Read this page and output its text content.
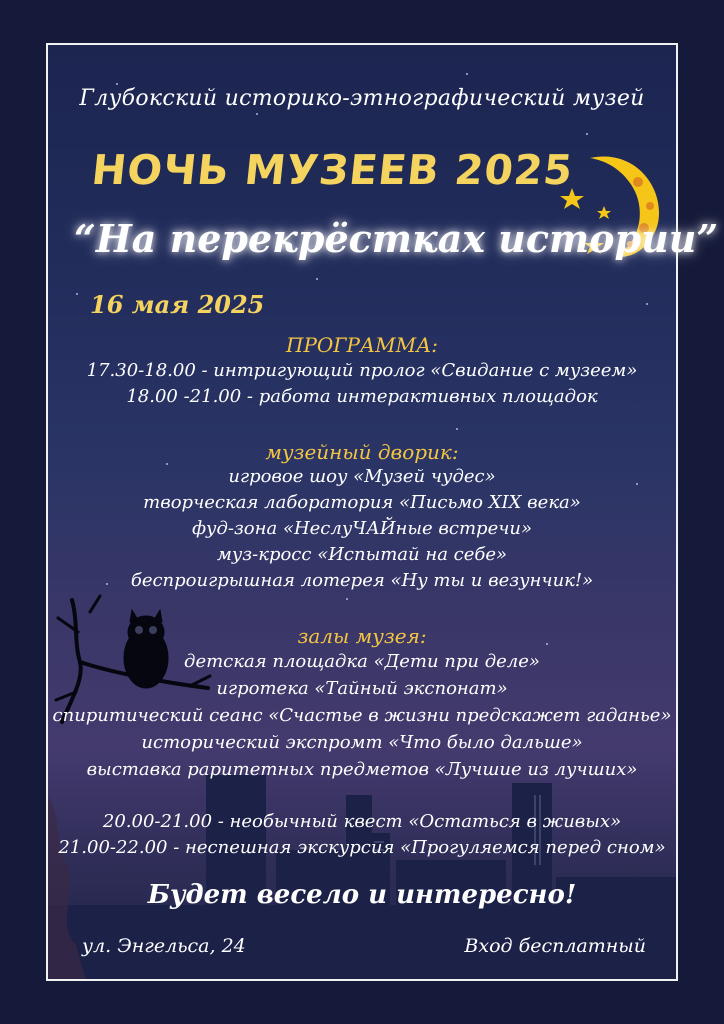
Глубокский историко-этнографический музей
НОЧЬ МУЗЕЕВ 2025
“На перекрёстках истории”
16 мая 2025
ПРОГРАММА:
17.30-18.00 - интригующий пролог «Свидание с музеем»
18.00 -21.00 - работа интерактивных площадок
музейный дворик:
игровое шоу «Музей чудес»
творческая лаборатория «Письмо XIX века»
фуд-зона «НеслуЧАЙные встречи»
муз-кросс «Испытай на себе»
беспроигрышная лотерея «Ну ты и везунчик!»
залы музея:
детская площадка «Дети при деле»
игротека «Тайный экспонат»
спиритический сеанс «Счастье в жизни предскажет гаданье»
исторический экспромт «Что было дальше»
выставка раритетных предметов «Лучшие из лучших»
20.00-21.00 - необычный квест «Остаться в живых»
21.00-22.00 - неспешная экскурсия «Прогуляемся перед сном»
Будет весело и интересно!
ул. Энгельса, 24	Вход бесплатный
